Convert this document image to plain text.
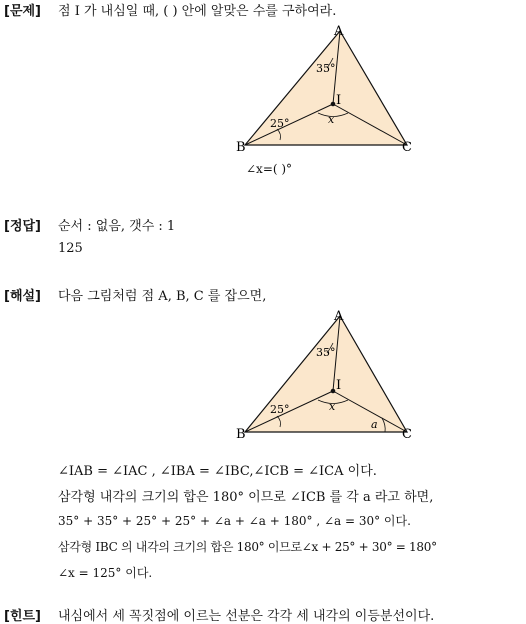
[문제] 점 I 가 내심일 때, ( ) 안에 알맞은 수를 구하여라.
A
B	C
I
35°
25°	x
∠x=( )°
[정답] 순서 : 없음, 갯수 : 1
125
[해설] 다음 그림처럼 점 A, B, C 를 잡으면,
A
B	C
I
35°
25°	x
a
∠IAB = ∠IAC , ∠IBA = ∠IBC,∠ICB = ∠ICA 이다.
삼각형 내각의 크기의 합은 180° 이므로 ∠ICB 를 각 a 라고 하면,
35° + 35° + 25° + 25° + ∠a + ∠a + 180° , ∠a = 30° 이다.
삼각형 IBC 의 내각의 크기의 합은 180° 이므로∠x + 25° + 30° = 180°
∠x = 125° 이다.
[힌트] 내심에서 세 꼭짓점에 이르는 선분은 각각 세 내각의 이등분선이다.
